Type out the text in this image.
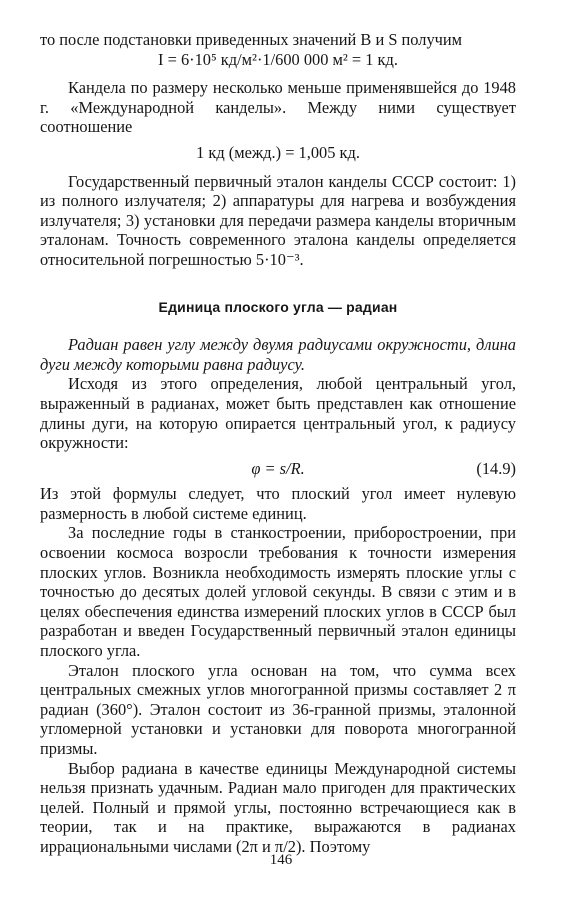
то после подстановки приведенных значений B и S получим

I = 6·10⁵ кд/м²·1/600 000 м² = 1 кд.

Кандела по размеру несколько меньше применявшейся до 1948 г. «Международной канделы». Между ними существует соотношение

1 кд (межд.) = 1,005 кд.

Государственный первичный эталон канделы СССР состоит: 1) из полного излучателя; 2) аппаратуры для нагрева и возбуждения излучателя; 3) установки для передачи размера канделы вторичным эталонам. Точность современного эталона канделы определяется относительной погрешностью 5·10⁻³.

Единица плоского угла — радиан

Радиан равен углу между двумя радиусами окружности, длина дуги между которыми равна радиусу.

Исходя из этого определения, любой центральный угол, выраженный в радианах, может быть представлен как отношение длины дуги, на которую опирается центральный угол, к радиусу окружности:

φ = s/R.	(14.9)

Из этой формулы следует, что плоский угол имеет нулевую размерность в любой системе единиц.

За последние годы в станкостроении, приборостроении, при освоении космоса возросли требования к точности измерения плоских углов. Возникла необходимость измерять плоские углы с точностью до десятых долей угловой секунды. В связи с этим и в целях обеспечения единства измерений плоских углов в СССР был разработан и введен Государственный первичный эталон единицы плоского угла.

Эталон плоского угла основан на том, что сумма всех центральных смежных углов многогранной призмы составляет 2 π радиан (360°). Эталон состоит из 36-гранной призмы, эталонной угломерной установки и установки для поворота многогранной призмы.

Выбор радиана в качестве единицы Международной системы нельзя признать удачным. Радиан мало пригоден для практических целей. Полный и прямой углы, постоянно встречающиеся как в теории, так и на практике, выражаются в радианах иррациональными числами (2π и π/2). Поэтому

146
